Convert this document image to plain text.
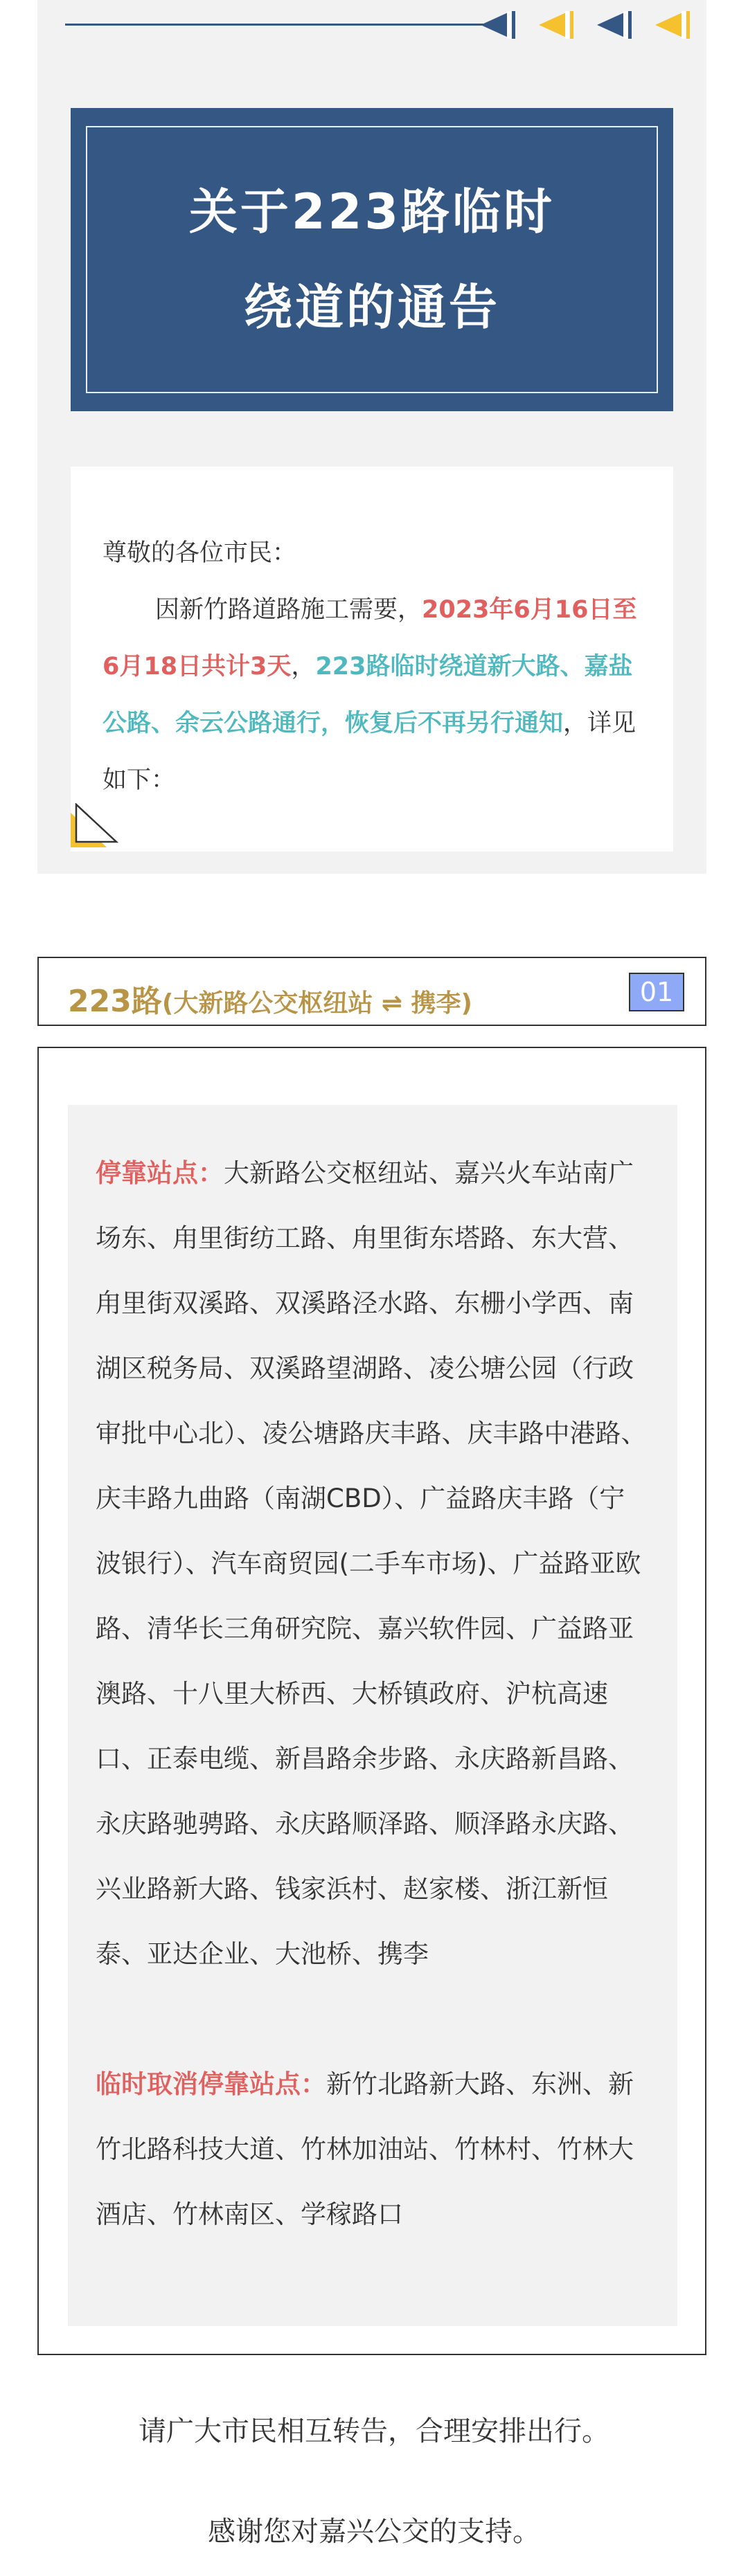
关于223路临时
绕道的通告
尊敬的各位市民：
因新竹路道路施工需要，2023年6月16日至6月18日共计3天，223路临时绕道新大路、嘉盐公路、余云公路通行，恢复后不再另行通知，详见如下：
223路(大新路公交枢纽站 ⇌ 携李)	01

停靠站点：大新路公交枢纽站、嘉兴火车站南广场东、甪里街纺工路、甪里街东塔路、东大营、甪里街双溪路、双溪路泾水路、东栅小学西、南湖区税务局、双溪路望湖路、凌公塘公园（行政审批中心北）、凌公塘路庆丰路、庆丰路中港路、庆丰路九曲路（南湖CBD）、广益路庆丰路（宁波银行）、汽车商贸园(二手车市场)、广益路亚欧路、清华长三角研究院、嘉兴软件园、广益路亚澳路、十八里大桥西、大桥镇政府、沪杭高速口、正泰电缆、新昌路余步路、永庆路新昌路、永庆路驰骋路、永庆路顺泽路、顺泽路永庆路、兴业路新大路、钱家浜村、赵家楼、浙江新恒泰、亚达企业、大池桥、携李

临时取消停靠站点：新竹北路新大路、东洲、新竹北路科技大道、竹林加油站、竹林村、竹林大酒店、竹林南区、学稼路口

请广大市民相互转告，合理安排出行。
感谢您对嘉兴公交的支持。
